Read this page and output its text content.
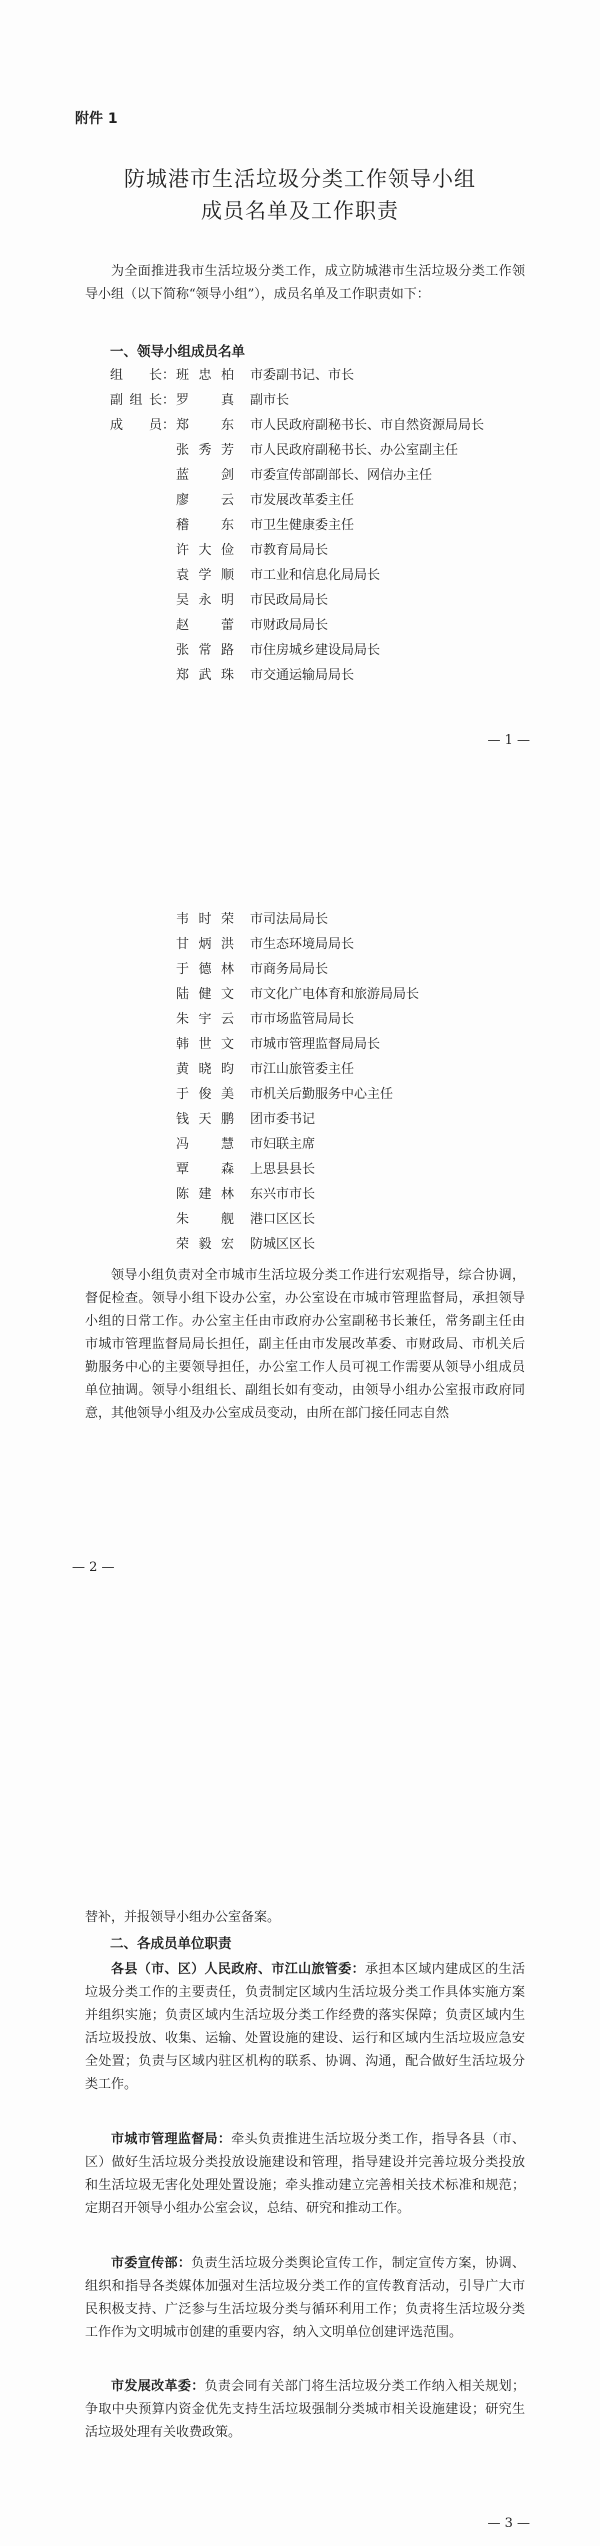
附件 1
防城港市生活垃圾分类工作领导小组
成员名单及工作职责

为全面推进我市生活垃圾分类工作，成立防城港市生活垃圾分类工作领导小组（以下简称“领导小组”），成员名单及工作职责如下：

一、领导小组成员名单
组　长：班忠柏 市委副书记、市长
副组长：罗　真 副市长
成　员：郑　东 市人民政府副秘书长、市自然资源局局长
张秀芳 市人民政府副秘书长、办公室副主任
蓝　剑 市委宣传部副部长、网信办主任
廖　云 市发展改革委主任
稽　东 市卫生健康委主任
许大俭 市教育局局长
袁学顺 市工业和信息化局局长
吴永明 市民政局局长
赵　蕾 市财政局局长
张常路 市住房城乡建设局局长
郑武珠 市交通运输局局长
— 1 —
韦时荣 市司法局局长
甘炳洪 市生态环境局局长
于德林 市商务局局长
陆健文 市文化广电体育和旅游局局长
朱宇云 市市场监管局局长
韩世文 市城市管理监督局局长
黄晓昀 市江山旅管委主任
于俊美 市机关后勤服务中心主任
钱天鹏 团市委书记
冯　慧 市妇联主席
覃　森 上思县县长
陈建林 东兴市市长
朱　舰 港口区区长
荣毅宏 防城区区长

领导小组负责对全市城市生活垃圾分类工作进行宏观指导，综合协调，督促检查。领导小组下设办公室，办公室设在市城市管理监督局，承担领导小组的日常工作。办公室主任由市政府办公室副秘书长兼任，常务副主任由市城市管理监督局局长担任，副主任由市发展改革委、市财政局、市机关后勤服务中心的主要领导担任，办公室工作人员可视工作需要从领导小组成员单位抽调。领导小组组长、副组长如有变动，由领导小组办公室报市政府同意，其他领导小组及办公室成员变动，由所在部门接任同志自然

— 2 —

替补，并报领导小组办公室备案。

二、各成员单位职责

各县（市、区）人民政府、市江山旅管委：承担本区域内建成区的生活垃圾分类工作的主要责任，负责制定区域内生活垃圾分类工作具体实施方案并组织实施；负责区域内生活垃圾分类工作经费的落实保障；负责区域内生活垃圾投放、收集、运输、处置设施的建设、运行和区域内生活垃圾应急安全处置；负责与区域内驻区机构的联系、协调、沟通，配合做好生活垃圾分类工作。

市城市管理监督局：牵头负责推进生活垃圾分类工作，指导各县（市、区）做好生活垃圾分类投放设施建设和管理，指导建设并完善垃圾分类投放和生活垃圾无害化处理处置设施；牵头推动建立完善相关技术标准和规范；定期召开领导小组办公室会议，总结、研究和推动工作。

市委宣传部：负责生活垃圾分类舆论宣传工作，制定宣传方案，协调、组织和指导各类媒体加强对生活垃圾分类工作的宣传教育活动，引导广大市民积极支持、广泛参与生活垃圾分类与循环利用工作；负责将生活垃圾分类工作作为文明城市创建的重要内容，纳入文明单位创建评选范围。

市发展改革委：负责会同有关部门将生活垃圾分类工作纳入相关规划；争取中央预算内资金优先支持生活垃圾强制分类城市相关设施建设；研究生活垃圾处理有关收费政策。

— 3 —
